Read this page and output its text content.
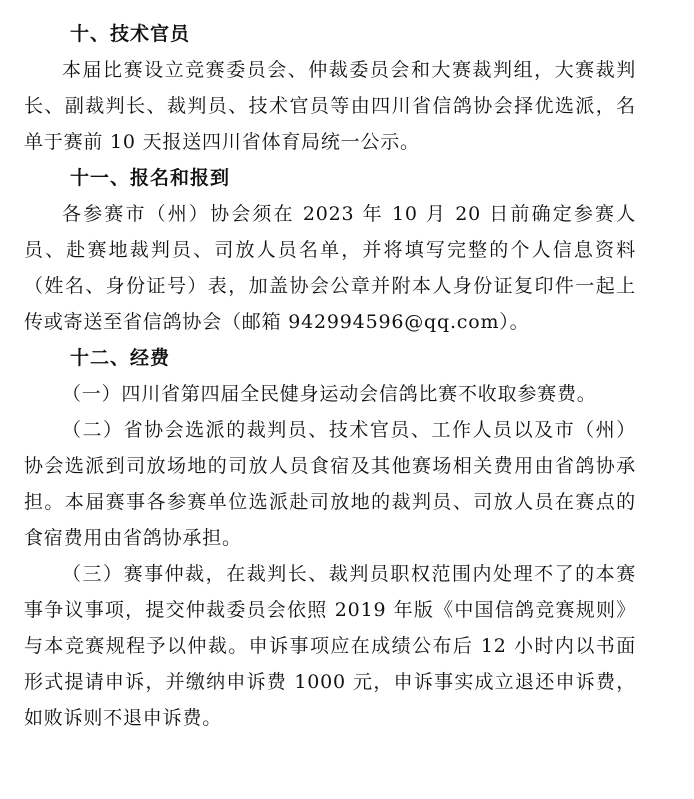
十、技术官员

本届比赛设立竞赛委员会、仲裁委员会和大赛裁判组，大赛裁判长、副裁判长、裁判员、技术官员等由四川省信鸽协会择优选派，名单于赛前 10 天报送四川省体育局统一公示。

十一、报名和报到

各参赛市（州）协会须在 2023 年 10 月 20 日前确定参赛人员、赴赛地裁判员、司放人员名单，并将填写完整的个人信息资料（姓名、身份证号）表，加盖协会公章并附本人身份证复印件一起上传或寄送至省信鸽协会（邮箱 942994596@qq.com）。

十二、经费

（一）四川省第四届全民健身运动会信鸽比赛不收取参赛费。

（二）省协会选派的裁判员、技术官员、工作人员以及市（州）协会选派到司放场地的司放人员食宿及其他赛场相关费用由省鸽协承担。本届赛事各参赛单位选派赴司放地的裁判员、司放人员在赛点的食宿费用由省鸽协承担。

（三）赛事仲裁，在裁判长、裁判员职权范围内处理不了的本赛事争议事项，提交仲裁委员会依照 2019 年版《中国信鸽竞赛规则》与本竞赛规程予以仲裁。申诉事项应在成绩公布后 12 小时内以书面形式提请申诉，并缴纳申诉费 1000 元，申诉事实成立退还申诉费，如败诉则不退申诉费。
